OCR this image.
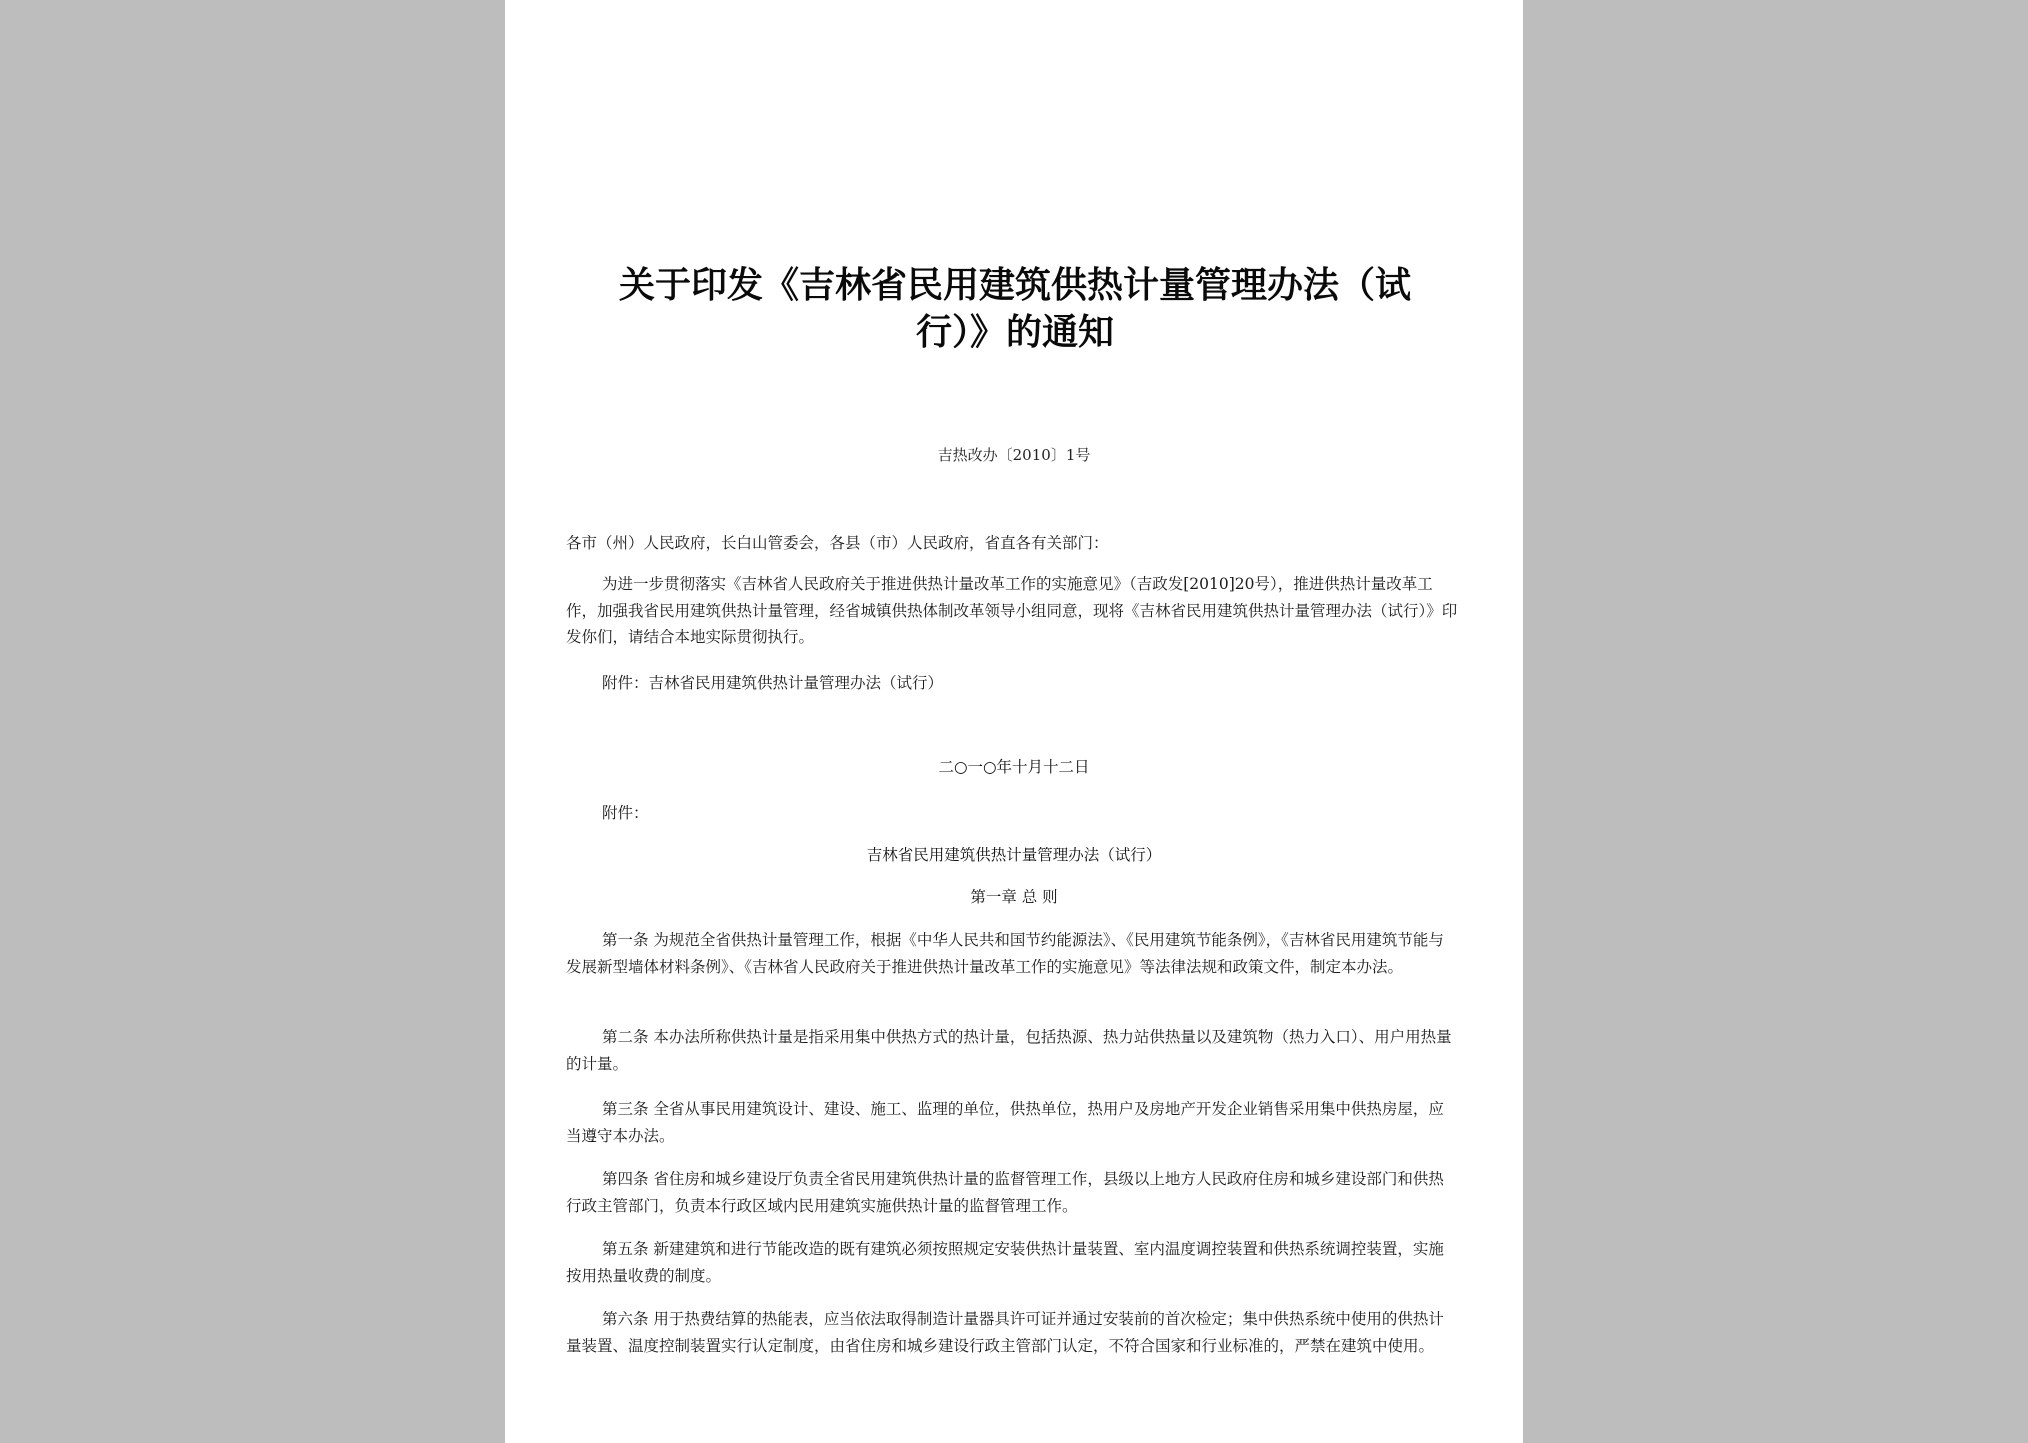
关于印发《吉林省民用建筑供热计量管理办法（试
行）》的通知
吉热改办〔2010〕1号
各市（州）人民政府，长白山管委会，各县（市）人民政府，省直各有关部门：
为进一步贯彻落实《吉林省人民政府关于推进供热计量改革工作的实施意见》（吉政发[2010]20号），推进供热计量改革工作，加强我省民用建筑供热计量管理，经省城镇供热体制改革领导小组同意，现将《吉林省民用建筑供热计量管理办法（试行）》印发你们，请结合本地实际贯彻执行。
附件：吉林省民用建筑供热计量管理办法（试行）
二○一○年十月十二日
附件：
吉林省民用建筑供热计量管理办法（试行）
第一章 总 则
第一条 为规范全省供热计量管理工作，根据《中华人民共和国节约能源法》、《民用建筑节能条例》，《吉林省民用建筑节能与发展新型墙体材料条例》、《吉林省人民政府关于推进供热计量改革工作的实施意见》等法律法规和政策文件，制定本办法。
第二条 本办法所称供热计量是指采用集中供热方式的热计量，包括热源、热力站供热量以及建筑物（热力入口）、用户用热量的计量。
第三条 全省从事民用建筑设计、建设、施工、监理的单位，供热单位，热用户及房地产开发企业销售采用集中供热房屋，应当遵守本办法。
第四条 省住房和城乡建设厅负责全省民用建筑供热计量的监督管理工作，县级以上地方人民政府住房和城乡建设部门和供热行政主管部门，负责本行政区域内民用建筑实施供热计量的监督管理工作。
第五条 新建建筑和进行节能改造的既有建筑必须按照规定安装供热计量装置、室内温度调控装置和供热系统调控装置，实施按用热量收费的制度。
第六条 用于热费结算的热能表，应当依法取得制造计量器具许可证并通过安装前的首次检定；集中供热系统中使用的供热计量装置、温度控制装置实行认定制度，由省住房和城乡建设行政主管部门认定，不符合国家和行业标准的，严禁在建筑中使用。
